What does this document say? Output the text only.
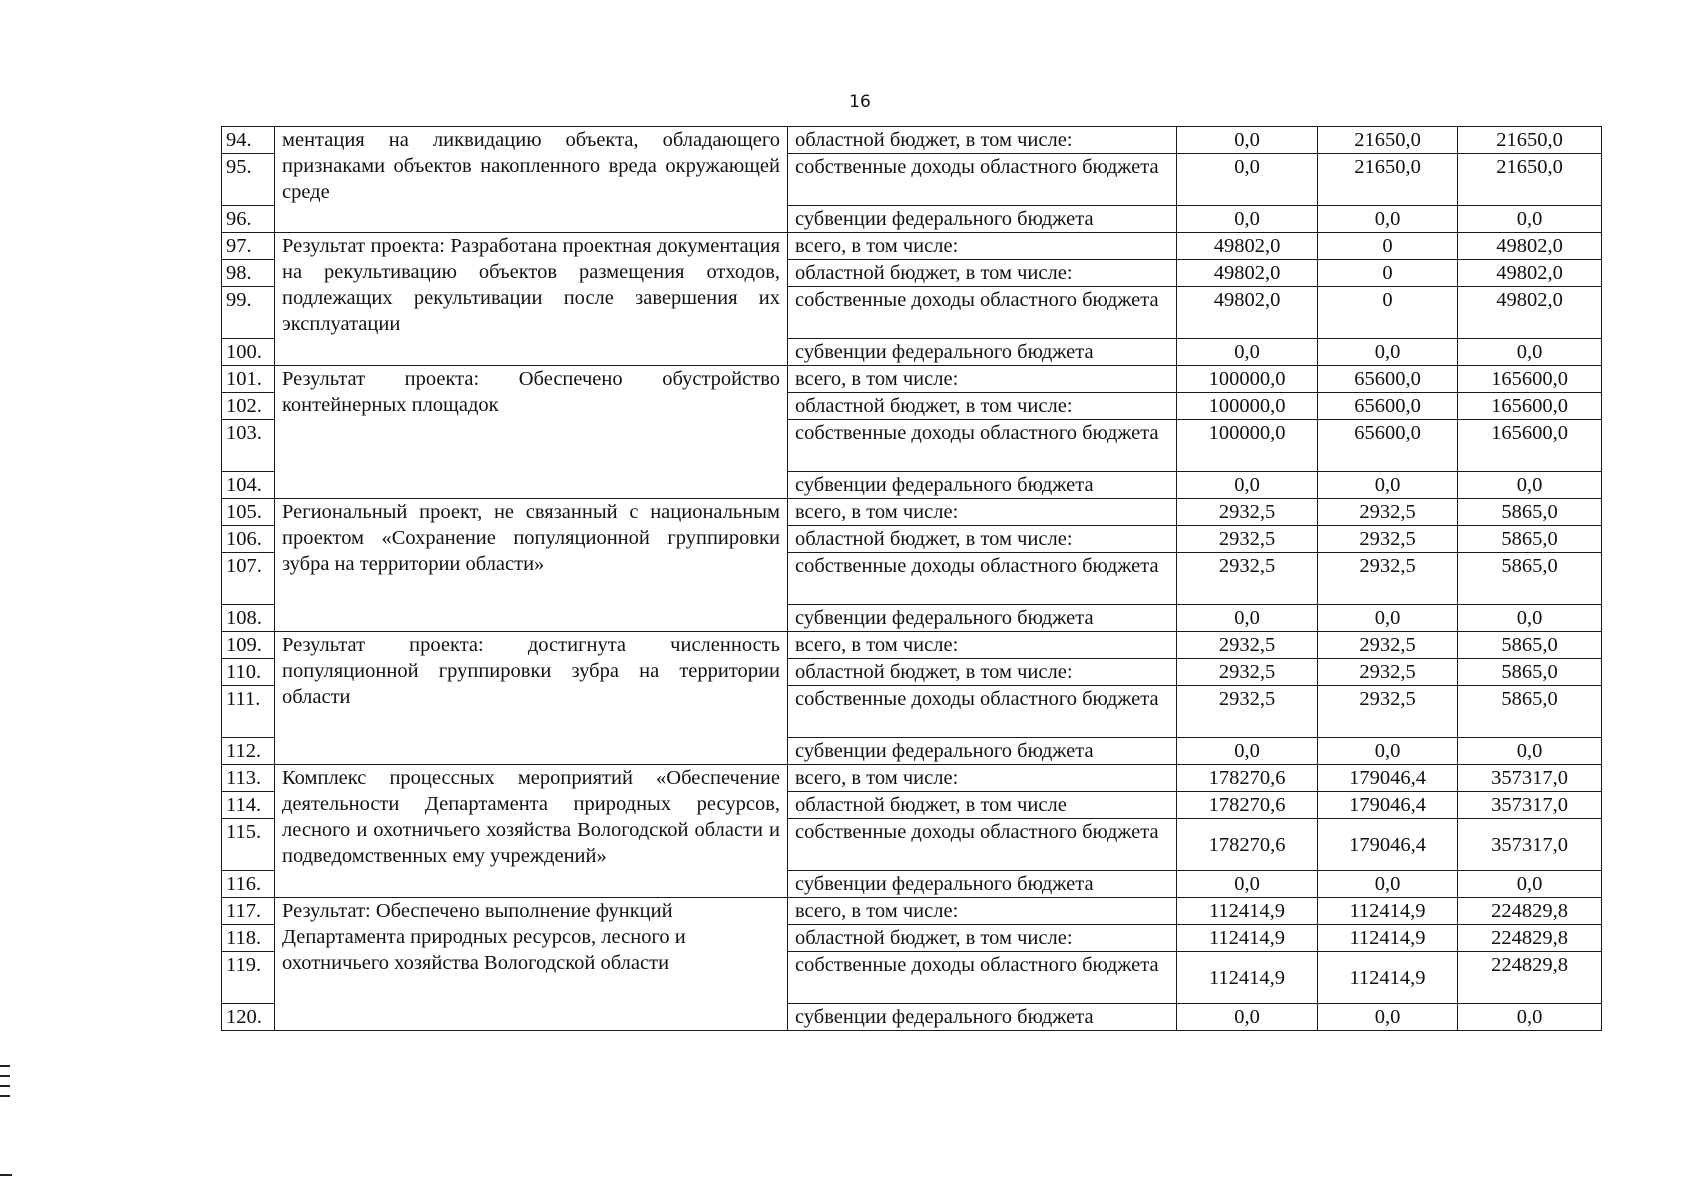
16
94.	ментация на ликвидацию объекта, обладающего признаками объектов накопленного вреда окружающей среде	областной бюджет, в том числе:	0,0	21650,0	21650,0
95.		собственные доходы областного бюджета	0,0	21650,0	21650,0
96.		субвенции федерального бюджета	0,0	0,0	0,0
97.	Результат проекта: Разработана проектная документация на рекультивацию объектов размещения отходов, подлежащих рекультивации после завершения их эксплуатации	всего, в том числе:	49802,0	0	49802,0
98.		областной бюджет, в том числе:	49802,0	0	49802,0
99.		собственные доходы областного бюджета	49802,0	0	49802,0
100.		субвенции федерального бюджета	0,0	0,0	0,0
101.	Результат проекта: Обеспечено обустройство контейнерных площадок	всего, в том числе:	100000,0	65600,0	165600,0
102.		областной бюджет, в том числе:	100000,0	65600,0	165600,0
103.		собственные доходы областного бюджета	100000,0	65600,0	165600,0
104.		субвенции федерального бюджета	0,0	0,0	0,0
105.	Региональный проект, не связанный с национальным проектом «Сохранение популяционной группировки зубра на территории области»	всего, в том числе:	2932,5	2932,5	5865,0
106.		областной бюджет, в том числе:	2932,5	2932,5	5865,0
107.		собственные доходы областного бюджета	2932,5	2932,5	5865,0
108.		субвенции федерального бюджета	0,0	0,0	0,0
109.	Результат проекта: достигнута численность популяционной группировки зубра на территории области	всего, в том числе:	2932,5	2932,5	5865,0
110.		областной бюджет, в том числе:	2932,5	2932,5	5865,0
111.		собственные доходы областного бюджета	2932,5	2932,5	5865,0
112.		субвенции федерального бюджета	0,0	0,0	0,0
113.	Комплекс процессных мероприятий «Обеспечение деятельности Департамента природных ресурсов, лесного и охотничьего хозяйства Вологодской области и подведомственных ему учреждений»	всего, в том числе:	178270,6	179046,4	357317,0
114.		областной бюджет, в том числе	178270,6	179046,4	357317,0
115.		собственные доходы областного бюджета	178270,6	179046,4	357317,0
116.		субвенции федерального бюджета	0,0	0,0	0,0
117.	Результат: Обеспечено выполнение функций Департамента природных ресурсов, лесного и охотничьего хозяйства Вологодской области	всего, в том числе:	112414,9	112414,9	224829,8
118.		областной бюджет, в том числе:	112414,9	112414,9	224829,8
119.		собственные доходы областного бюджета	112414,9	112414,9	224829,8
120.		субвенции федерального бюджета	0,0	0,0	0,0
